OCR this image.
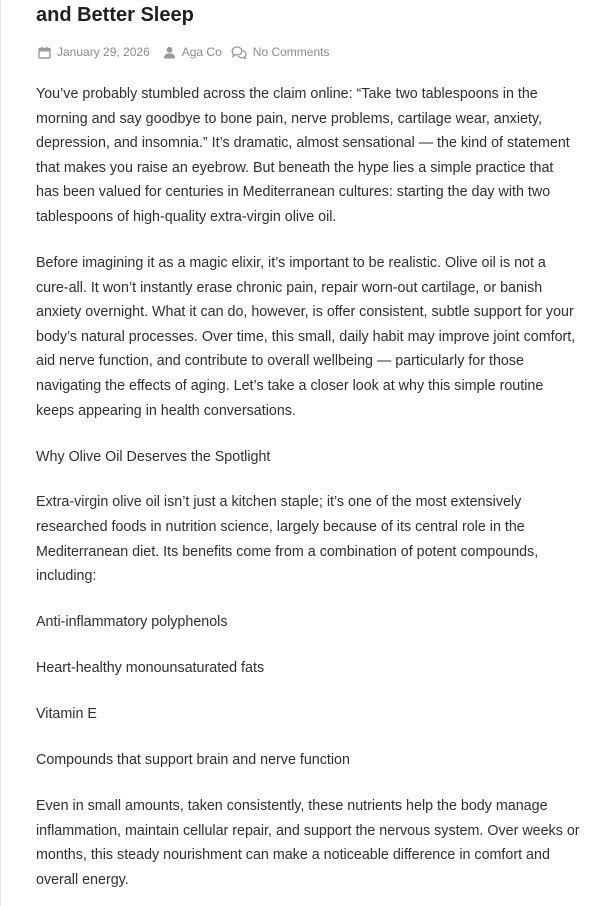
and Better Sleep
January 29, 2026	Aga Co	No Comments

You’ve probably stumbled across the claim online: “Take two tablespoons in the morning and say goodbye to bone pain, nerve problems, cartilage wear, anxiety, depression, and insomnia.” It’s dramatic, almost sensational — the kind of statement that makes you raise an eyebrow. But beneath the hype lies a simple practice that has been valued for centuries in Mediterranean cultures: starting the day with two tablespoons of high-quality extra-virgin olive oil.

Before imagining it as a magic elixir, it’s important to be realistic. Olive oil is not a cure-all. It won’t instantly erase chronic pain, repair worn-out cartilage, or banish anxiety overnight. What it can do, however, is offer consistent, subtle support for your body’s natural processes. Over time, this small, daily habit may improve joint comfort, aid nerve function, and contribute to overall wellbeing — particularly for those navigating the effects of aging. Let’s take a closer look at why this simple routine keeps appearing in health conversations.

Why Olive Oil Deserves the Spotlight

Extra-virgin olive oil isn’t just a kitchen staple; it’s one of the most extensively researched foods in nutrition science, largely because of its central role in the Mediterranean diet. Its benefits come from a combination of potent compounds, including:

Anti-inflammatory polyphenols

Heart-healthy monounsaturated fats

Vitamin E

Compounds that support brain and nerve function

Even in small amounts, taken consistently, these nutrients help the body manage inflammation, maintain cellular repair, and support the nervous system. Over weeks or months, this steady nourishment can make a noticeable difference in comfort and overall energy.
